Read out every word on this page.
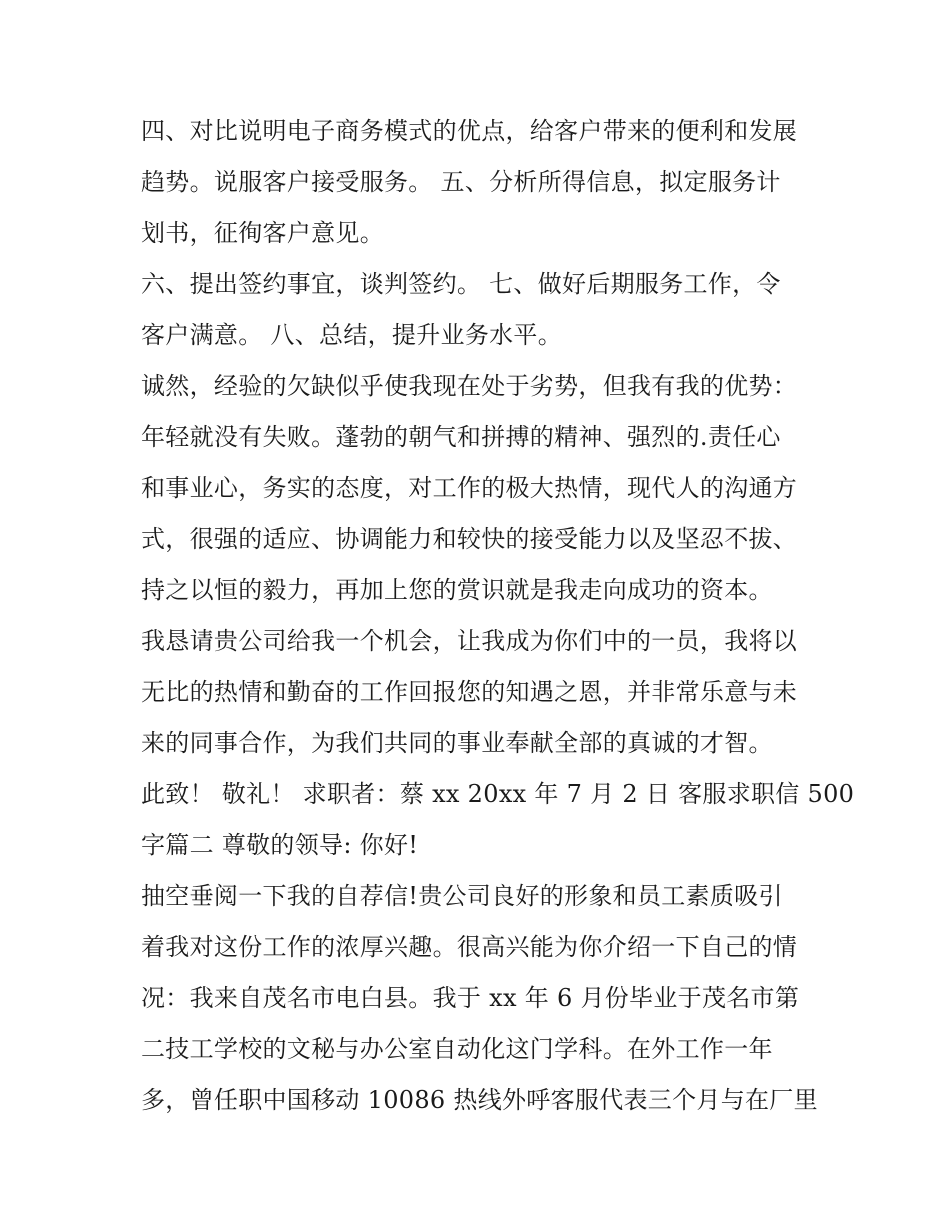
四、对比说明电子商务模式的优点，给客户带来的便利和发展
趋势。说服客户接受服务。 五、分析所得信息，拟定服务计
划书，征徇客户意见。
六、提出签约事宜，谈判签约。 七、做好后期服务工作，令
客户满意。 八、总结，提升业务水平。
诚然，经验的欠缺似乎使我现在处于劣势，但我有我的优势：
年轻就没有失败。蓬勃的朝气和拼搏的精神、强烈的.责任心
和事业心，务实的态度，对工作的极大热情，现代人的沟通方
式，很强的适应、协调能力和较快的接受能力以及坚忍不拔、
持之以恒的毅力，再加上您的赏识就是我走向成功的资本。
我恳请贵公司给我一个机会，让我成为你们中的一员，我将以
无比的热情和勤奋的工作回报您的知遇之恩，并非常乐意与未
来的同事合作，为我们共同的事业奉献全部的真诚的才智。
此致！ 敬礼！ 求职者：蔡 xx 20xx 年 7 月 2 日 客服求职信 500
字篇二 尊敬的领导: 你好!
抽空垂阅一下我的自荐信!贵公司良好的形象和员工素质吸引
着我对这份工作的浓厚兴趣。很高兴能为你介绍一下自己的情
况：我来自茂名市电白县。我于 xx 年 6 月份毕业于茂名市第
二技工学校的文秘与办公室自动化这门学科。在外工作一年
多，曾任职中国移动 10086 热线外呼客服代表三个月与在厂里
